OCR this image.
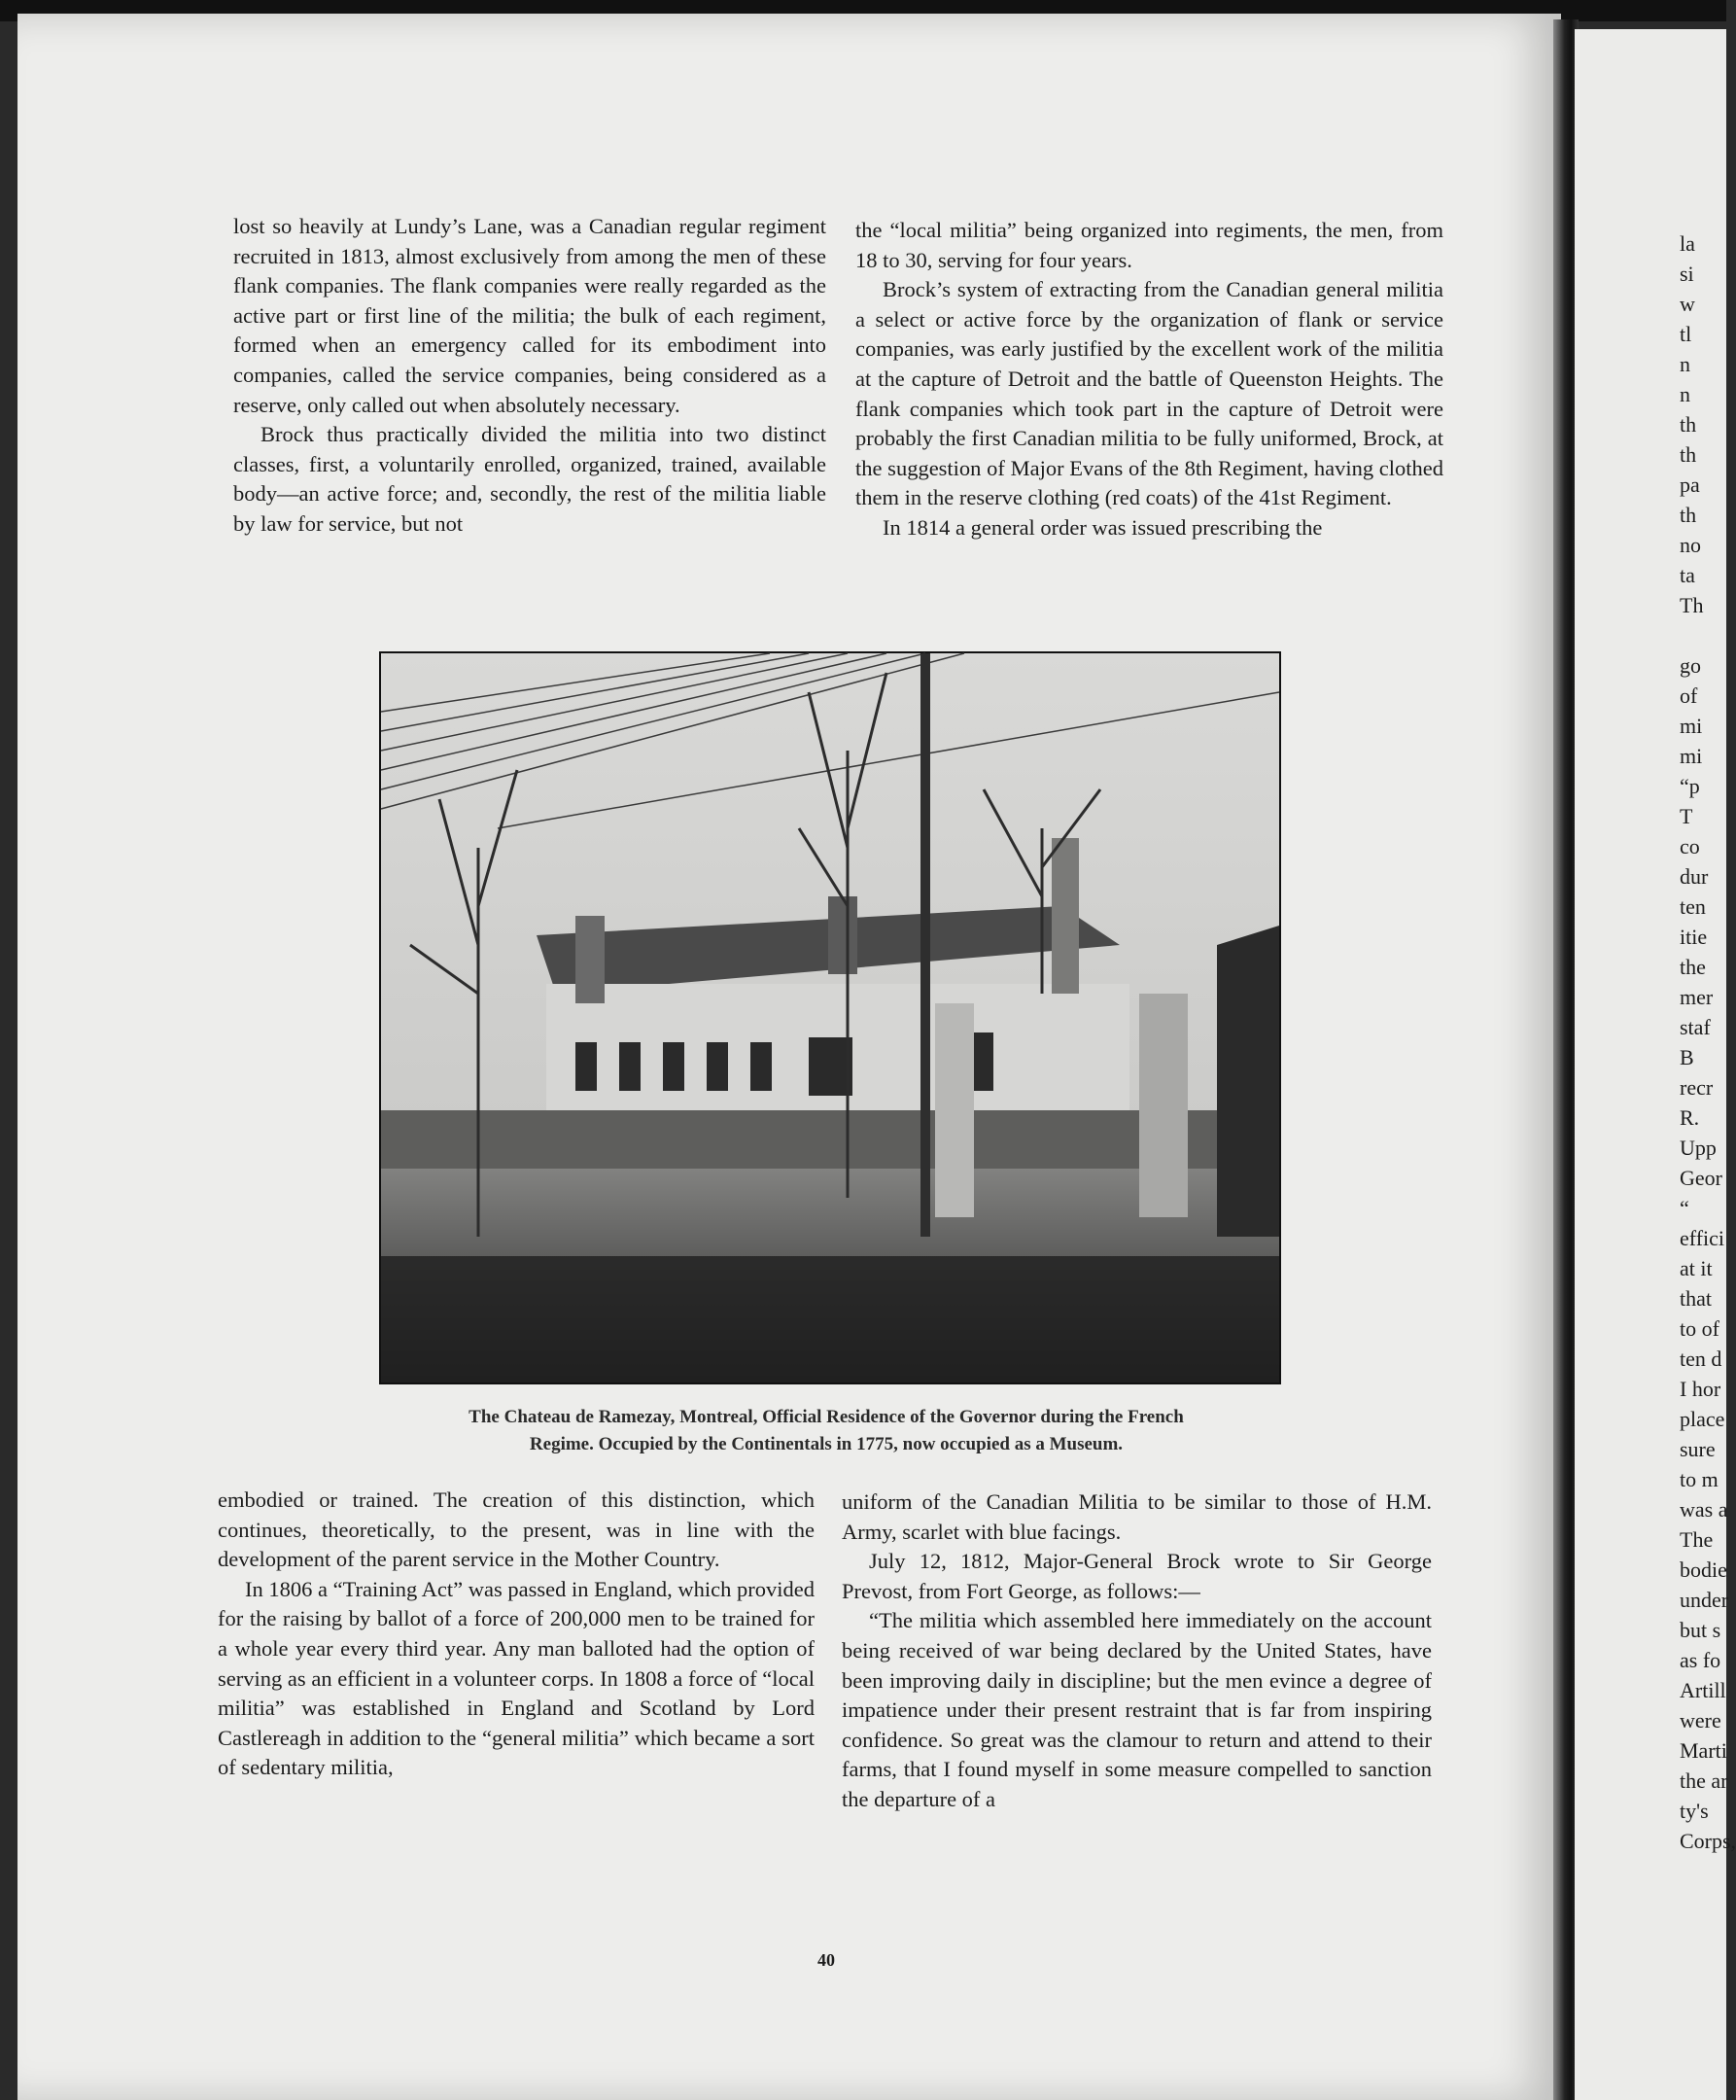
lost so heavily at Lundy’s Lane, was a Canadian regular regiment recruited in 1813, almost exclusively from among the men of these flank companies. The flank companies were really regarded as the active part or first line of the militia; the bulk of each regiment, formed when an emergency called for its embodiment into companies, called the service companies, being considered as a reserve, only called out when absolutely necessary.

Brock thus practically divided the militia into two distinct classes, first, a voluntarily enrolled, organized, trained, available body—an active force; and, secondly, the rest of the militia liable by law for service, but not

the “local militia” being organized into regiments, the men, from 18 to 30, serving for four years.

Brock’s system of extracting from the Canadian general militia a select or active force by the organization of flank or service companies, was early justified by the excellent work of the militia at the capture of Detroit and the battle of Queenston Heights. The flank companies which took part in the capture of Detroit were probably the first Canadian militia to be fully uniformed, Brock, at the suggestion of Major Evans of the 8th Regiment, having clothed them in the reserve clothing (red coats) of the 41st Regiment.

In 1814 a general order was issued prescribing the

The Chateau de Ramezay, Montreal, Official Residence of the Governor during the French
Regime. Occupied by the Continentals in 1775, now occupied as a Museum.

embodied or trained. The creation of this distinction, which continues, theoretically, to the present, was in line with the development of the parent service in the Mother Country.

In 1806 a “Training Act” was passed in England, which provided for the raising by ballot of a force of 200,000 men to be trained for a whole year every third year. Any man balloted had the option of serving as an efficient in a volunteer corps. In 1808 a force of “local militia” was established in England and Scotland by Lord Castlereagh in addition to the “general militia” which became a sort of sedentary militia,

uniform of the Canadian Militia to be similar to those of H.M. Army, scarlet with blue facings.

July 12, 1812, Major-General Brock wrote to Sir George Prevost, from Fort George, as follows:—

“The militia which assembled here immediately on the account being received of war being declared by the United States, have been improving daily in discipline; but the men evince a degree of impatience under their present restraint that is far from inspiring confidence. So great was the clamour to return and attend to their farms, that I found myself in some measure compelled to sanction the departure of a

40
la
si
w
tl
n
n
th
th
pa
th
no
ta
Th
go
of
mi
mi
“p
T
co
dur
ten
itie
the
mer
staf
B
recr
R.
Upp
Geor
“
effici
at it
that
to of
ten d
I hor
place
sure
to m
was a
The
bodie
under
but s
as fo
Artill
were
Marti
the ar
ty's
Corps,
